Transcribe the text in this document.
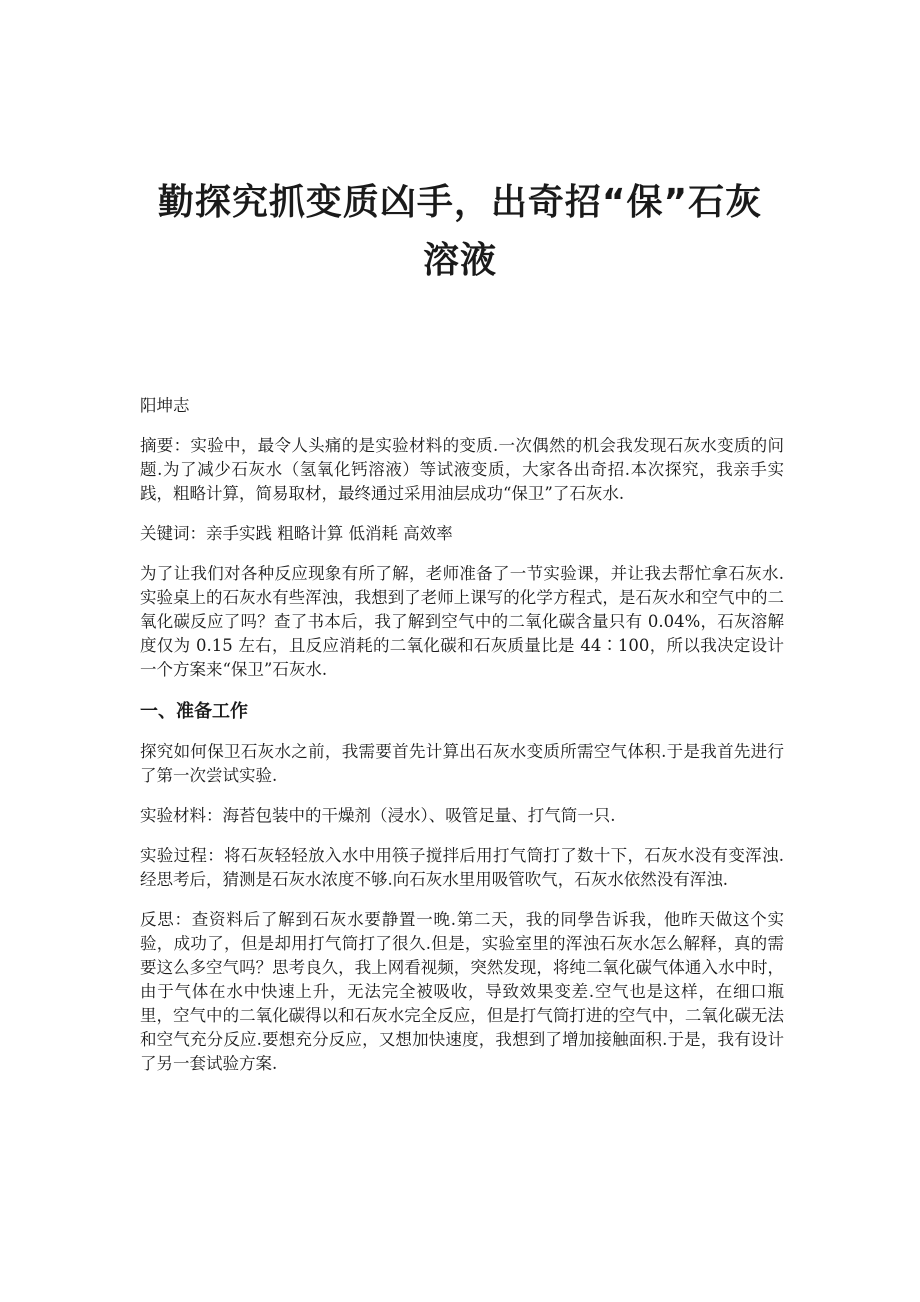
勤探究抓变质凶手，出奇招“保”石灰
溶液

阳坤志

摘要：实验中，最令人头痛的是实验材料的变质.一次偶然的机会我发现石灰水变质的问题.为了减少石灰水（氢氧化钙溶液）等试液变质，大家各出奇招.本次探究，我亲手实践，粗略计算，简易取材，最终通过采用油层成功“保卫”了石灰水.

关键词：亲手实践 粗略计算 低消耗 高效率

为了让我们对各种反应现象有所了解，老师准备了一节实验课，并让我去帮忙拿石灰水.实验桌上的石灰水有些浑浊，我想到了老师上课写的化学方程式，是石灰水和空气中的二氧化碳反应了吗？查了书本后，我了解到空气中的二氧化碳含量只有 0.04%，石灰溶解度仅为 0.15 左右，且反应消耗的二氧化碳和石灰质量比是 44∶100，所以我决定设计一个方案来“保卫”石灰水.

一、准备工作

探究如何保卫石灰水之前，我需要首先计算出石灰水变质所需空气体积.于是我首先进行了第一次尝试实验.

实验材料：海苔包装中的干燥剂（浸水）、吸管足量、打气筒一只.

实验过程：将石灰轻轻放入水中用筷子搅拌后用打气筒打了数十下，石灰水没有变浑浊.经思考后，猜测是石灰水浓度不够.向石灰水里用吸管吹气，石灰水依然没有浑浊.

反思：查资料后了解到石灰水要静置一晚.第二天，我的同學告诉我，他昨天做这个实验，成功了，但是却用打气筒打了很久.但是，实验室里的浑浊石灰水怎么解释，真的需要这么多空气吗？思考良久，我上网看视频，突然发现，将纯二氧化碳气体通入水中时，由于气体在水中快速上升，无法完全被吸收，导致效果变差.空气也是这样，在细口瓶里，空气中的二氧化碳得以和石灰水完全反应，但是打气筒打进的空气中，二氧化碳无法和空气充分反应.要想充分反应，又想加快速度，我想到了增加接触面积.于是，我有设计了另一套试验方案.
